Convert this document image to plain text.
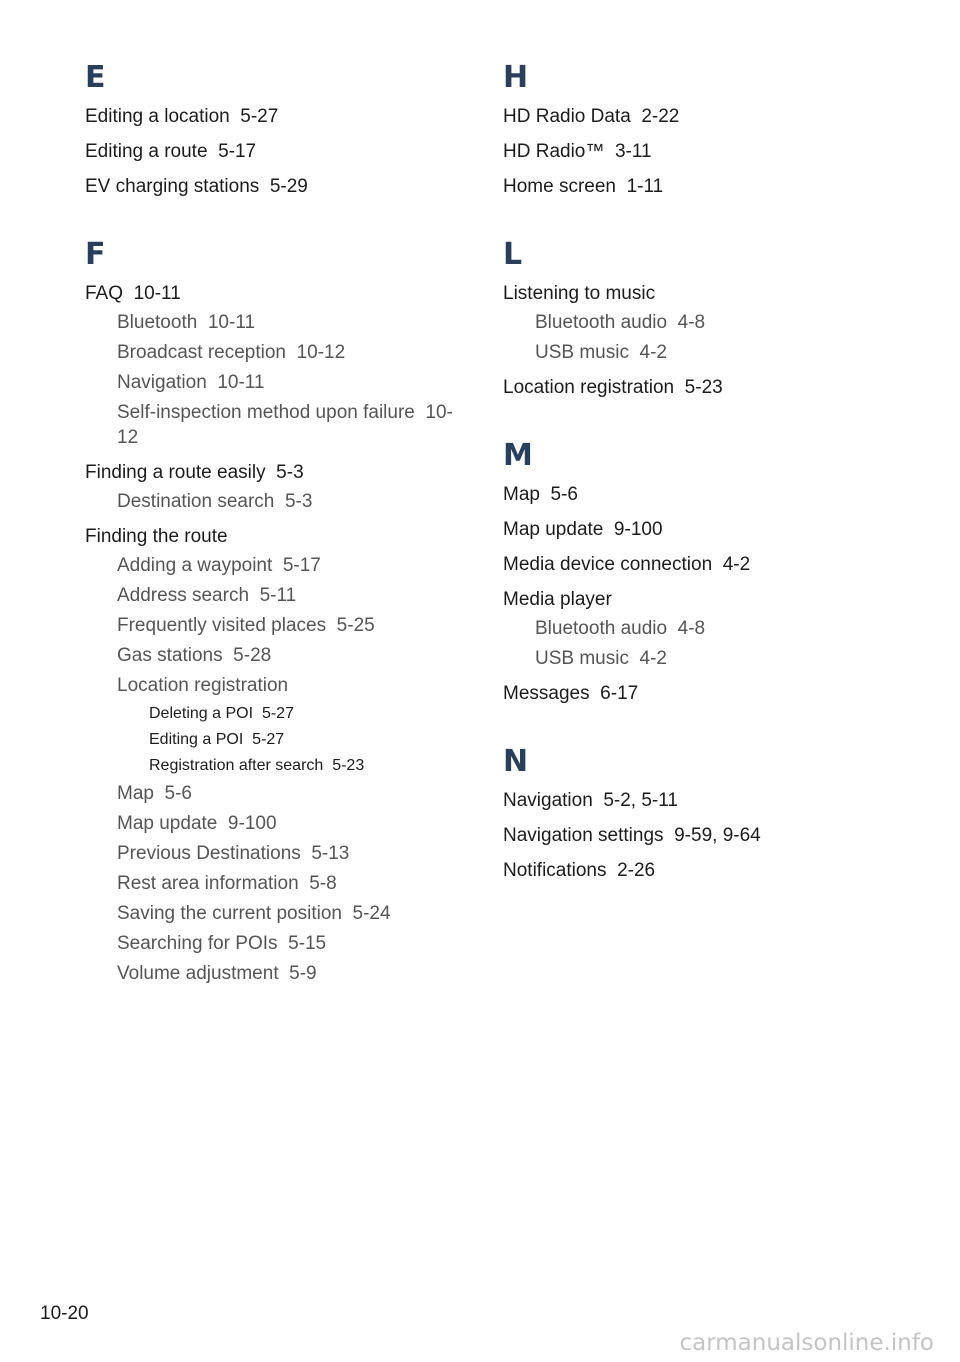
E
Editing a location 5-27
Editing a route 5-17
EV charging stations 5-29
F
FAQ 10-11
Bluetooth 10-11
Broadcast reception 10-12
Navigation 10-11
Self-inspection method upon failure 10-12
Finding a route easily 5-3
Destination search 5-3
Finding the route
Adding a waypoint 5-17
Address search 5-11
Frequently visited places 5-25
Gas stations 5-28
Location registration
Deleting a POI 5-27
Editing a POI 5-27
Registration after search 5-23
Map 5-6
Map update 9-100
Previous Destinations 5-13
Rest area information 5-8
Saving the current position 5-24
Searching for POIs 5-15
Volume adjustment 5-9
H
HD Radio Data 2-22
HD Radio™ 3-11
Home screen 1-11
L
Listening to music
Bluetooth audio 4-8
USB music 4-2
Location registration 5-23
M
Map 5-6
Map update 9-100
Media device connection 4-2
Media player
Bluetooth audio 4-8
USB music 4-2
Messages 6-17
N
Navigation 5-2, 5-11
Navigation settings 9-59, 9-64
Notifications 2-26
10-20
carmanualsonline.info
